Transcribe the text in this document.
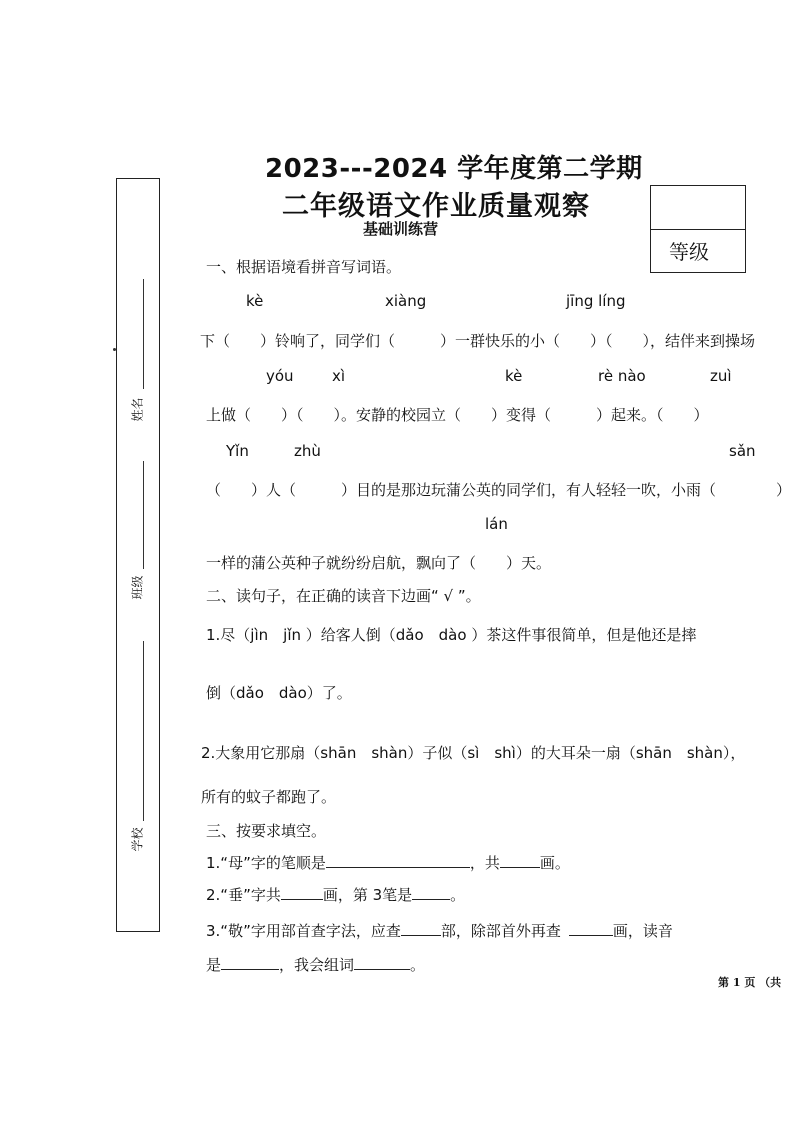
2023---2024 学年度第二学期
二年级语文作业质量观察
基础训练营
等级
姓名
班级
学校
一、根据语境看拼音写词语。
kè	xiàng	jīng líng
下（　　）铃响了，同学们（　　　）一群快乐的小（　　）（　　），结伴来到操场
yóu	xì	kè	rè nào	zuì
上做（　　）（　　）。安静的校园立（　　）变得（　　　）起来。（　　）
Yǐn	zhù	sǎn
（　　）人（　　　）目的是那边玩蒲公英的同学们，有人轻轻一吹，小雨（　　　　）
lán
一样的蒲公英种子就纷纷启航，飘向了（　　）天。
二、读句子，在正确的读音下边画“ √ ”。
1.尽（jìn　jǐn ）给客人倒（dǎo　dào ）茶这件事很简单，但是他还是摔
倒（dǎo　dào）了。
2.大象用它那扇（shān　shàn）子似（sì　shì）的大耳朵一扇（shān　shàn），
所有的蚊子都跑了。
三、按要求填空。
1.“母”字的笔顺是	，共	画。
2.“垂”字共	画，第 3笔是	。
3.“敬”字用部首查字法，应查	部，除部首外再查	画，读音
是	，我会组词	。
第 1 页 （共
